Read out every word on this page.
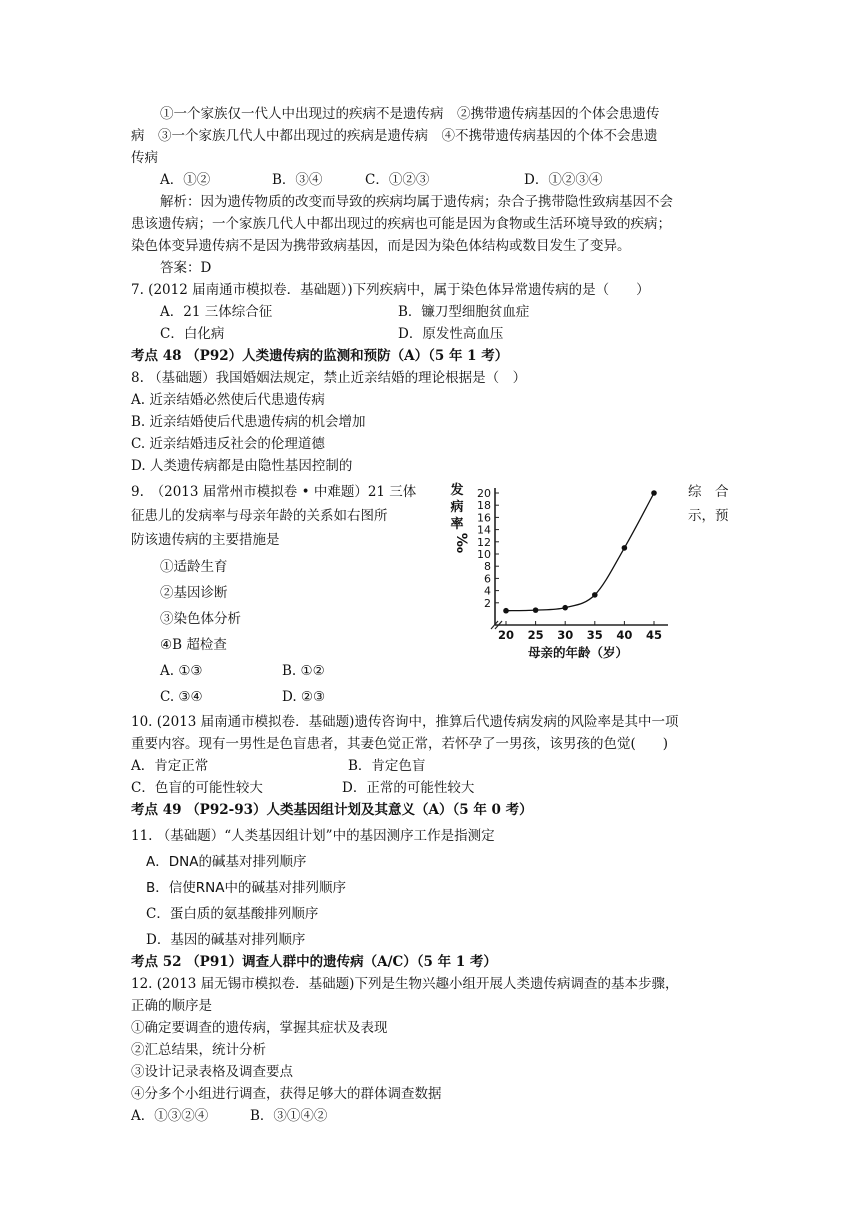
①一个家族仅一代人中出现过的疾病不是遗传病　②携带遗传病基因的个体会患遗传
病　③一个家族几代人中都出现过的疾病是遗传病　④不携带遗传病基因的个体不会患遗
传病
A．①②	B．③④	C．①②③	D．①②③④
解析：因为遗传物质的改变而导致的疾病均属于遗传病；杂合子携带隐性致病基因不会
患该遗传病；一个家族几代人中都出现过的疾病也可能是因为食物或生活环境导致的疾病；
染色体变异遗传病不是因为携带致病基因，而是因为染色体结构或数目发生了变异。
答案：D
7. (2012 届南通市模拟卷．基础题）)下列疾病中，属于染色体异常遗传病的是（　　）
A．21 三体综合征	B．镰刀型细胞贫血症
C．白化病	D．原发性高血压
考点 48 （P92）人类遗传病的监测和预防（A）（5 年 1 考）
8. （基础题）我国婚姻法规定，禁止近亲结婚的理论根据是（　）
A. 近亲结婚必然使后代患遗传病
B. 近亲结婚使后代患遗传病的机会增加
C. 近亲结婚违反社会的伦理道德
D. 人类遗传病都是由隐性基因控制的
9.　（2013 届常州市模拟卷 • 中难题）21 三体	综　合
征患儿的发病率与母亲年龄的关系如右图所	示，预
防该遗传病的主要措施是
①适龄生育
②基因诊断
③染色体分析
④B 超检查
A. ①③	B. ①②
C. ③④	D. ②③
10. (2013 届南通市模拟卷．基础题)遗传咨询中，推算后代遗传病发病的风险率是其中一项
重要内容。现有一男性是色盲患者，其妻色觉正常，若怀孕了一男孩，该男孩的色觉(　　)
A．肯定正常	B．肯定色盲
C．色盲的可能性较大	D．正常的可能性较大
考点 49 （P92-93）人类基因组计划及其意义（A）（5 年 0 考）
11. （基础题）“人类基因组计划”中的基因测序工作是指测定
A．DNA的碱基对排列顺序
B．信使RNA中的碱基对排列顺序
C．蛋白质的氨基酸排列顺序
D．基因的碱基对排列顺序
考点 52 （P91）调查人群中的遗传病（A/C）（5 年 1 考）
12. (2013 届无锡市模拟卷．基础题)下列是生物兴趣小组开展人类遗传病调查的基本步骤，
正确的顺序是
①确定要调查的遗传病，掌握其症状及表现
②汇总结果，统计分析
③设计记录表格及调查要点
④分多个小组进行调查，获得足够大的群体调查数据
A．①③②④	B．③①④②
2
4
6
8
10
12
14
16
18
20
20 25 30 35 40 45
发
病
率
‰
母亲的年龄（岁）
